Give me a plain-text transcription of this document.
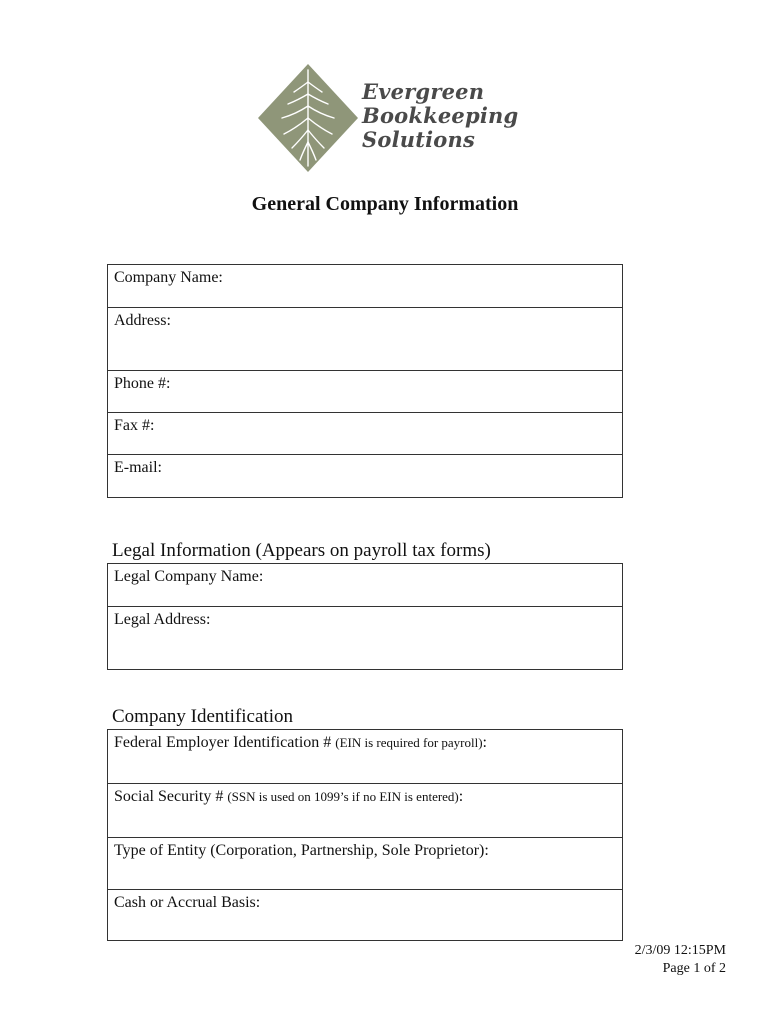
Evergreen
Bookkeeping
Solutions
General Company Information
Company Name:
Address:
Phone #:
Fax #:
E-mail:
Legal Information (Appears on payroll tax forms)
Legal Company Name:
Legal Address:
Company Identification
Federal Employer Identification # (EIN is required for payroll):
Social Security # (SSN is used on 1099’s if no EIN is entered):
Type of Entity (Corporation, Partnership, Sole Proprietor):
Cash or Accrual Basis:
2/3/09 12:15PM
Page 1 of 2
